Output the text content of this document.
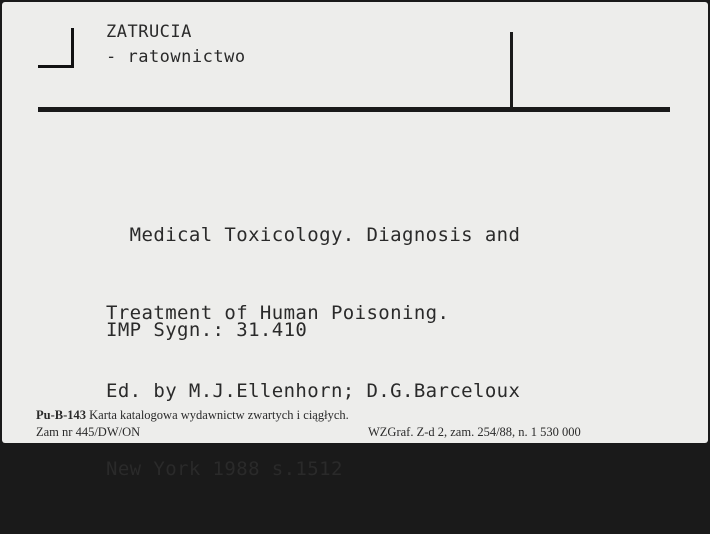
ZATRUCIA
- ratownictwo

Medical Toxicology. Diagnosis and

Treatment of Human Poisoning.

Ed. by M.J.Ellenhorn; D.G.Barceloux

New York 1988 s.1512

IMP Sygn.: 31.410
Pu-B-143 Karta katalogowa wydawnictw zwartych i ciągłych.
Zam nr 445/DW/ON	WZGraf. Z-d 2, zam. 254/88, n. 1 530 000
